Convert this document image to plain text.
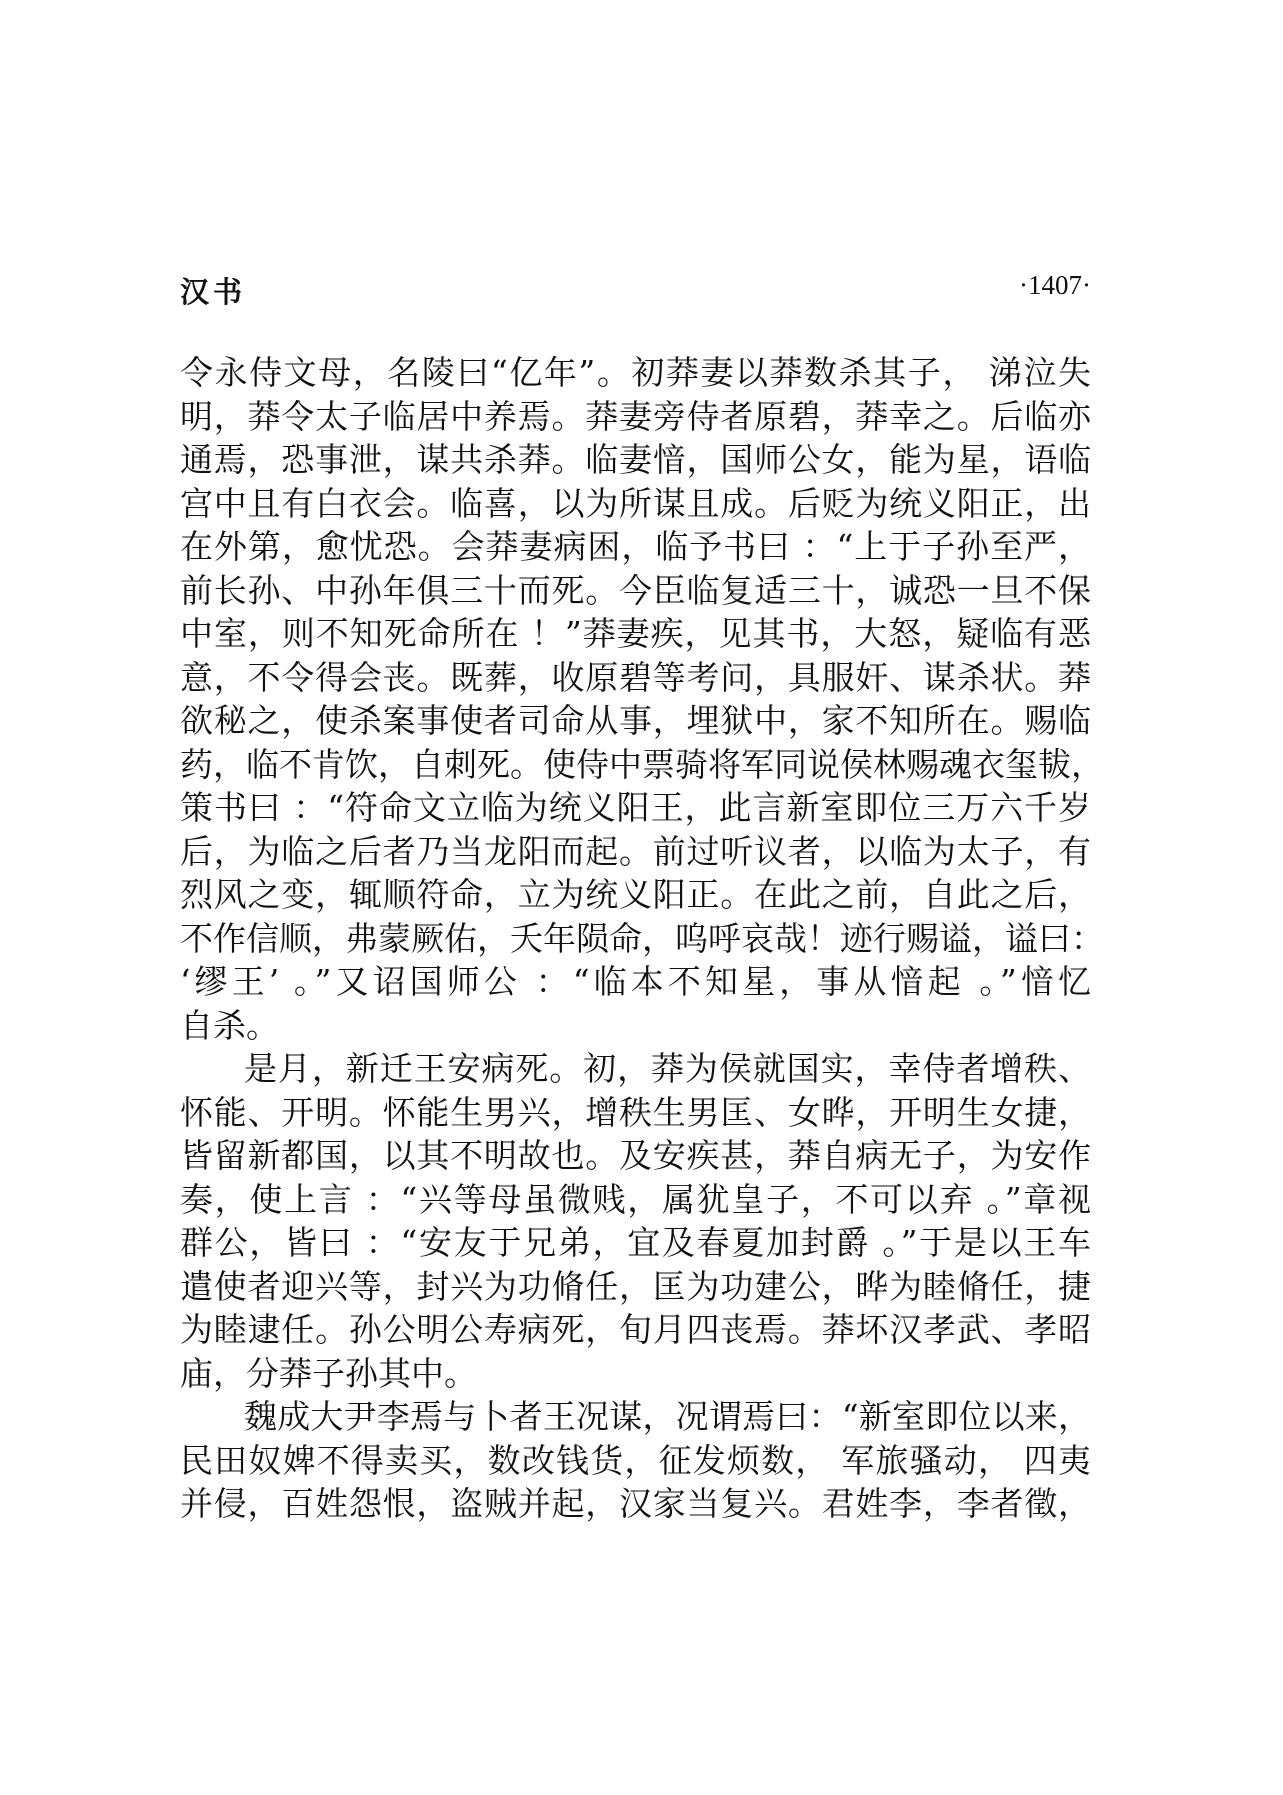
汉书	·1407·
令永侍文母，名陵曰“亿年”。初莽妻以莽数杀其子， 涕泣失
明，莽令太子临居中养焉。莽妻旁侍者原碧，莽幸之。后临亦
通焉，恐事泄，谋共杀莽。临妻愔，国师公女，能为星，语临
宫中且有白衣会。临喜，以为所谋且成。后贬为统义阳正，出
在外第，愈忧恐。会莽妻病困，临予书曰 ：“上于子孙至严，
前长孙、中孙年俱三十而死。今臣临复适三十，诚恐一旦不保
中室，则不知死命所在 ！”莽妻疾，见其书，大怒，疑临有恶
意，不令得会丧。既葬，收原碧等考问，具服奸、谋杀状。莽
欲秘之，使杀案事使者司命从事，埋狱中，家不知所在。赐临
药，临不肯饮，自刺死。使侍中票骑将军同说侯林赐魂衣玺韨，
策书曰 ：“符命文立临为统义阳王，此言新室即位三万六千岁
后，为临之后者乃当龙阳而起。前过听议者，以临为太子，有
烈风之变，辄顺符命，立为统义阳正。在此之前，自此之后，
不作信顺，弗蒙厥佑，夭年陨命，呜呼哀哉！迹行赐谥，谥曰：
‘缪王’ 。”又诏国师公 ：“临本不知星，事从愔起 。”愔忆
自杀。
是月，新迁王安病死。初，莽为侯就国实，幸侍者增秩、
怀能、开明。怀能生男兴，增秩生男匡、女晔，开明生女捷，
皆留新都国，以其不明故也。及安疾甚，莽自病无子，为安作
奏，使上言 ：“兴等母虽微贱，属犹皇子，不可以弃 。”章视
群公，皆曰 ：“安友于兄弟，宜及春夏加封爵 。”于是以王车
遣使者迎兴等，封兴为功脩任，匡为功建公，晔为睦脩任，捷
为睦逮任。孙公明公寿病死，旬月四丧焉。莽坏汉孝武、孝昭
庙，分莽子孙其中。
魏成大尹李焉与卜者王况谋，况谓焉曰：“新室即位以来，
民田奴婢不得卖买，数改钱货，征发烦数， 军旅骚动， 四夷
并侵，百姓怨恨，盗贼并起，汉家当复兴。君姓李，李者徵，
